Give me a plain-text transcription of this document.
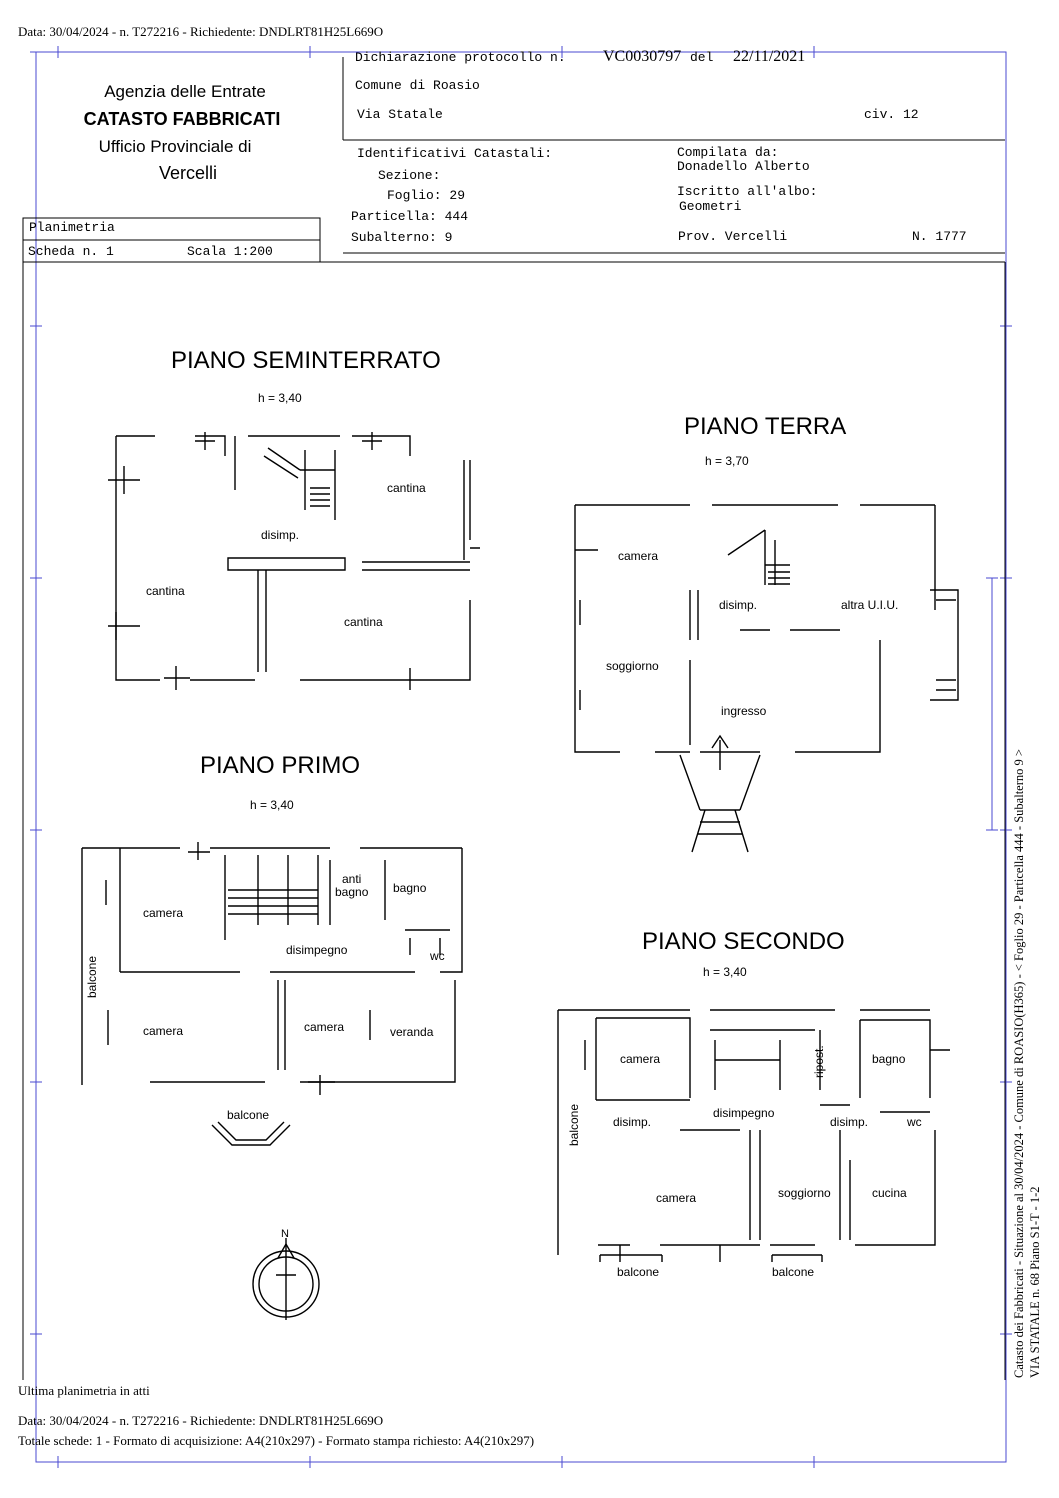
Data: 30/04/2024 - n. T272216 - Richiedente: DNDLRT81H25L669O
Dichiarazione protocollo n. VC0030797 del 22/11/2021
Comune di Roasio
Via Statale	civ. 12
Agenzia delle Entrate
CATASTO FABBRICATI
Ufficio Provinciale di
Vercelli
Identificativi Catastali:
Sezione:
Foglio: 29
Particella: 444
Subalterno: 9
Compilata da:
Donadello Alberto
Iscritto all'albo:
Geometri
Prov. Vercelli	N. 1777
Planimetria
Scheda n. 1	Scala 1:200
PIANO SEMINTERRATO
h = 3,40
cantina
disimp.
cantina
cantina
PIANO TERRA
h = 3,70
camera
disimp.	altra U.I.U.
soggiorno
ingresso
PIANO PRIMO
h = 3,40
anti
bagno bagno
camera
disimpegno	wc
balcone
camera	camera	veranda
balcone
PIANO SECONDO
h = 3,40
camera	ripost.	bagno
disimpegno
balcone	disimp.	disimp.	wc
soggiorno	cucina
camera
balcone	balcone
N	Catasto dei Fabbricati - Situazione al 30/04/2024 - Comune di ROASIO(H365) - < Foglio 29 - Particella 444 - Subalterno 9 > VIA STATALE n. 68 Piano S1-T - 1-2
Ultima planimetria in atti
Data: 30/04/2024 - n. T272216 - Richiedente: DNDLRT81H25L669O
Totale schede: 1 - Formato di acquisizione: A4(210x297) - Formato stampa richiesto: A4(210x297)
